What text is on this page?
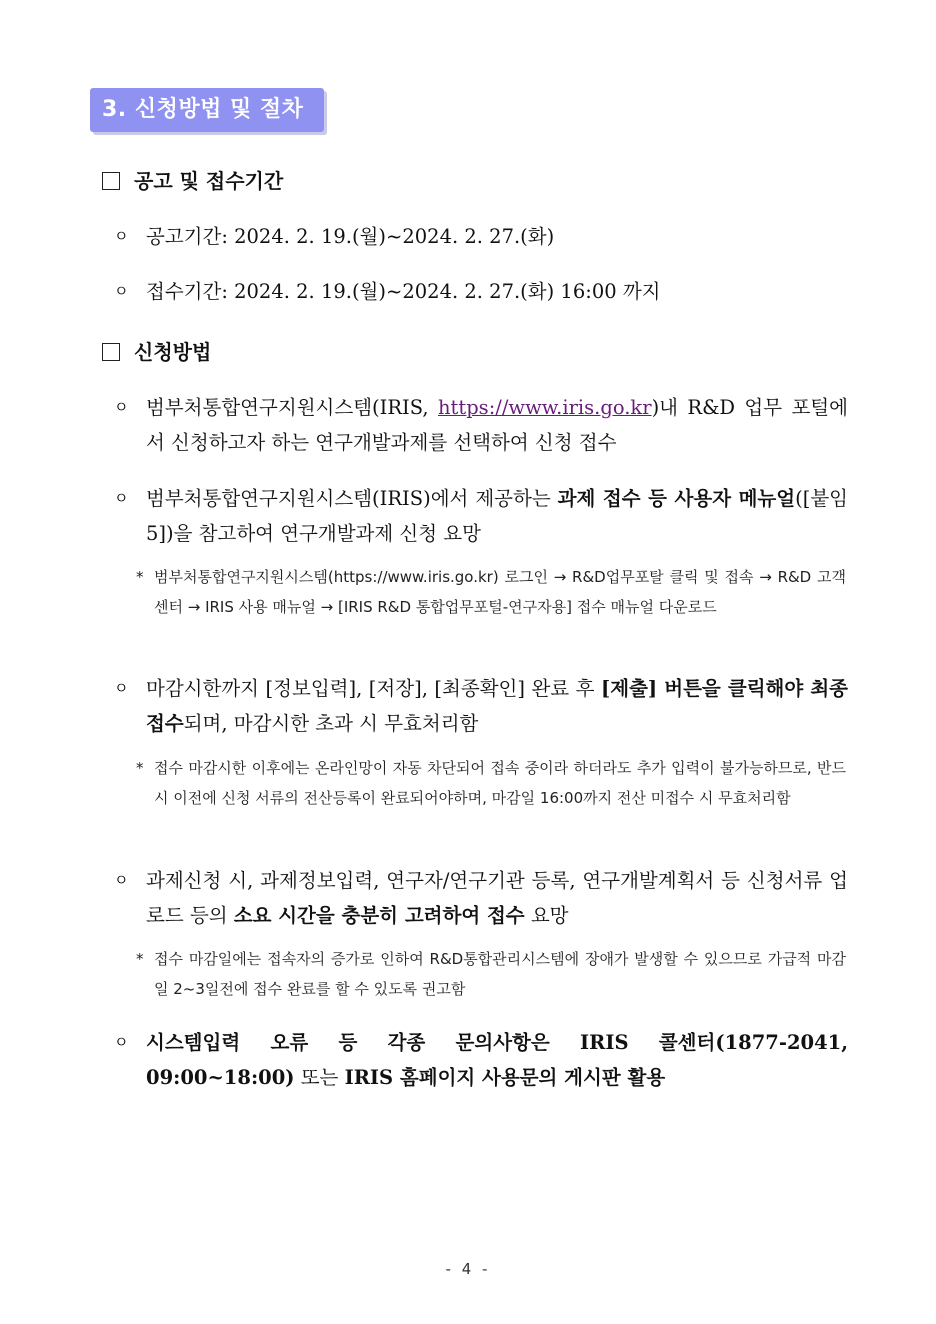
3. 신청방법 및 절차
공고 및 접수기간
ㅇ 공고기간: 2024. 2. 19.(월)~2024. 2. 27.(화)
ㅇ 접수기간: 2024. 2. 19.(월)~2024. 2. 27.(화) 16:00 까지
신청방법
ㅇ 범부처통합연구지원시스템(IRIS, https://www.iris.go.kr)내 R&D 업무 포털에서 신청하고자 하는 연구개발과제를 선택하여 신청 접수
ㅇ 범부처통합연구지원시스템(IRIS)에서 제공하는 과제 접수 등 사용자 메뉴얼([붙임5])을 참고하여 연구개발과제 신청 요망
* 범부처통합연구지원시스템(https://www.iris.go.kr) 로그인 → R&D업무포탈 클릭 및 접속 → R&D 고객센터 → IRIS 사용 매뉴얼 → [IRIS R&D 통합업무포털-연구자용] 접수 매뉴얼 다운로드
ㅇ 마감시한까지 [정보입력], [저장], [최종확인] 완료 후 [제출] 버튼을 클릭해야 최종접수되며, 마감시한 초과 시 무효처리함
* 접수 마감시한 이후에는 온라인망이 자동 차단되어 접속 중이라 하더라도 추가 입력이 불가능하므로, 반드시 이전에 신청 서류의 전산등록이 완료되어야하며, 마감일 16:00까지 전산 미접수 시 무효처리함
ㅇ 과제신청 시, 과제정보입력, 연구자/연구기관 등록, 연구개발계획서 등 신청서류 업로드 등의 소요 시간을 충분히 고려하여 접수 요망
* 접수 마감일에는 접속자의 증가로 인하여 R&D통합관리시스템에 장애가 발생할 수 있으므로 가급적 마감일 2~3일전에 접수 완료를 할 수 있도록 권고함
ㅇ 시스템입력 오류 등 각종 문의사항은 IRIS 콜센터(1877-2041, 09:00~18:00) 또는 IRIS 홈페이지 사용문의 게시판 활용
- 4 -
